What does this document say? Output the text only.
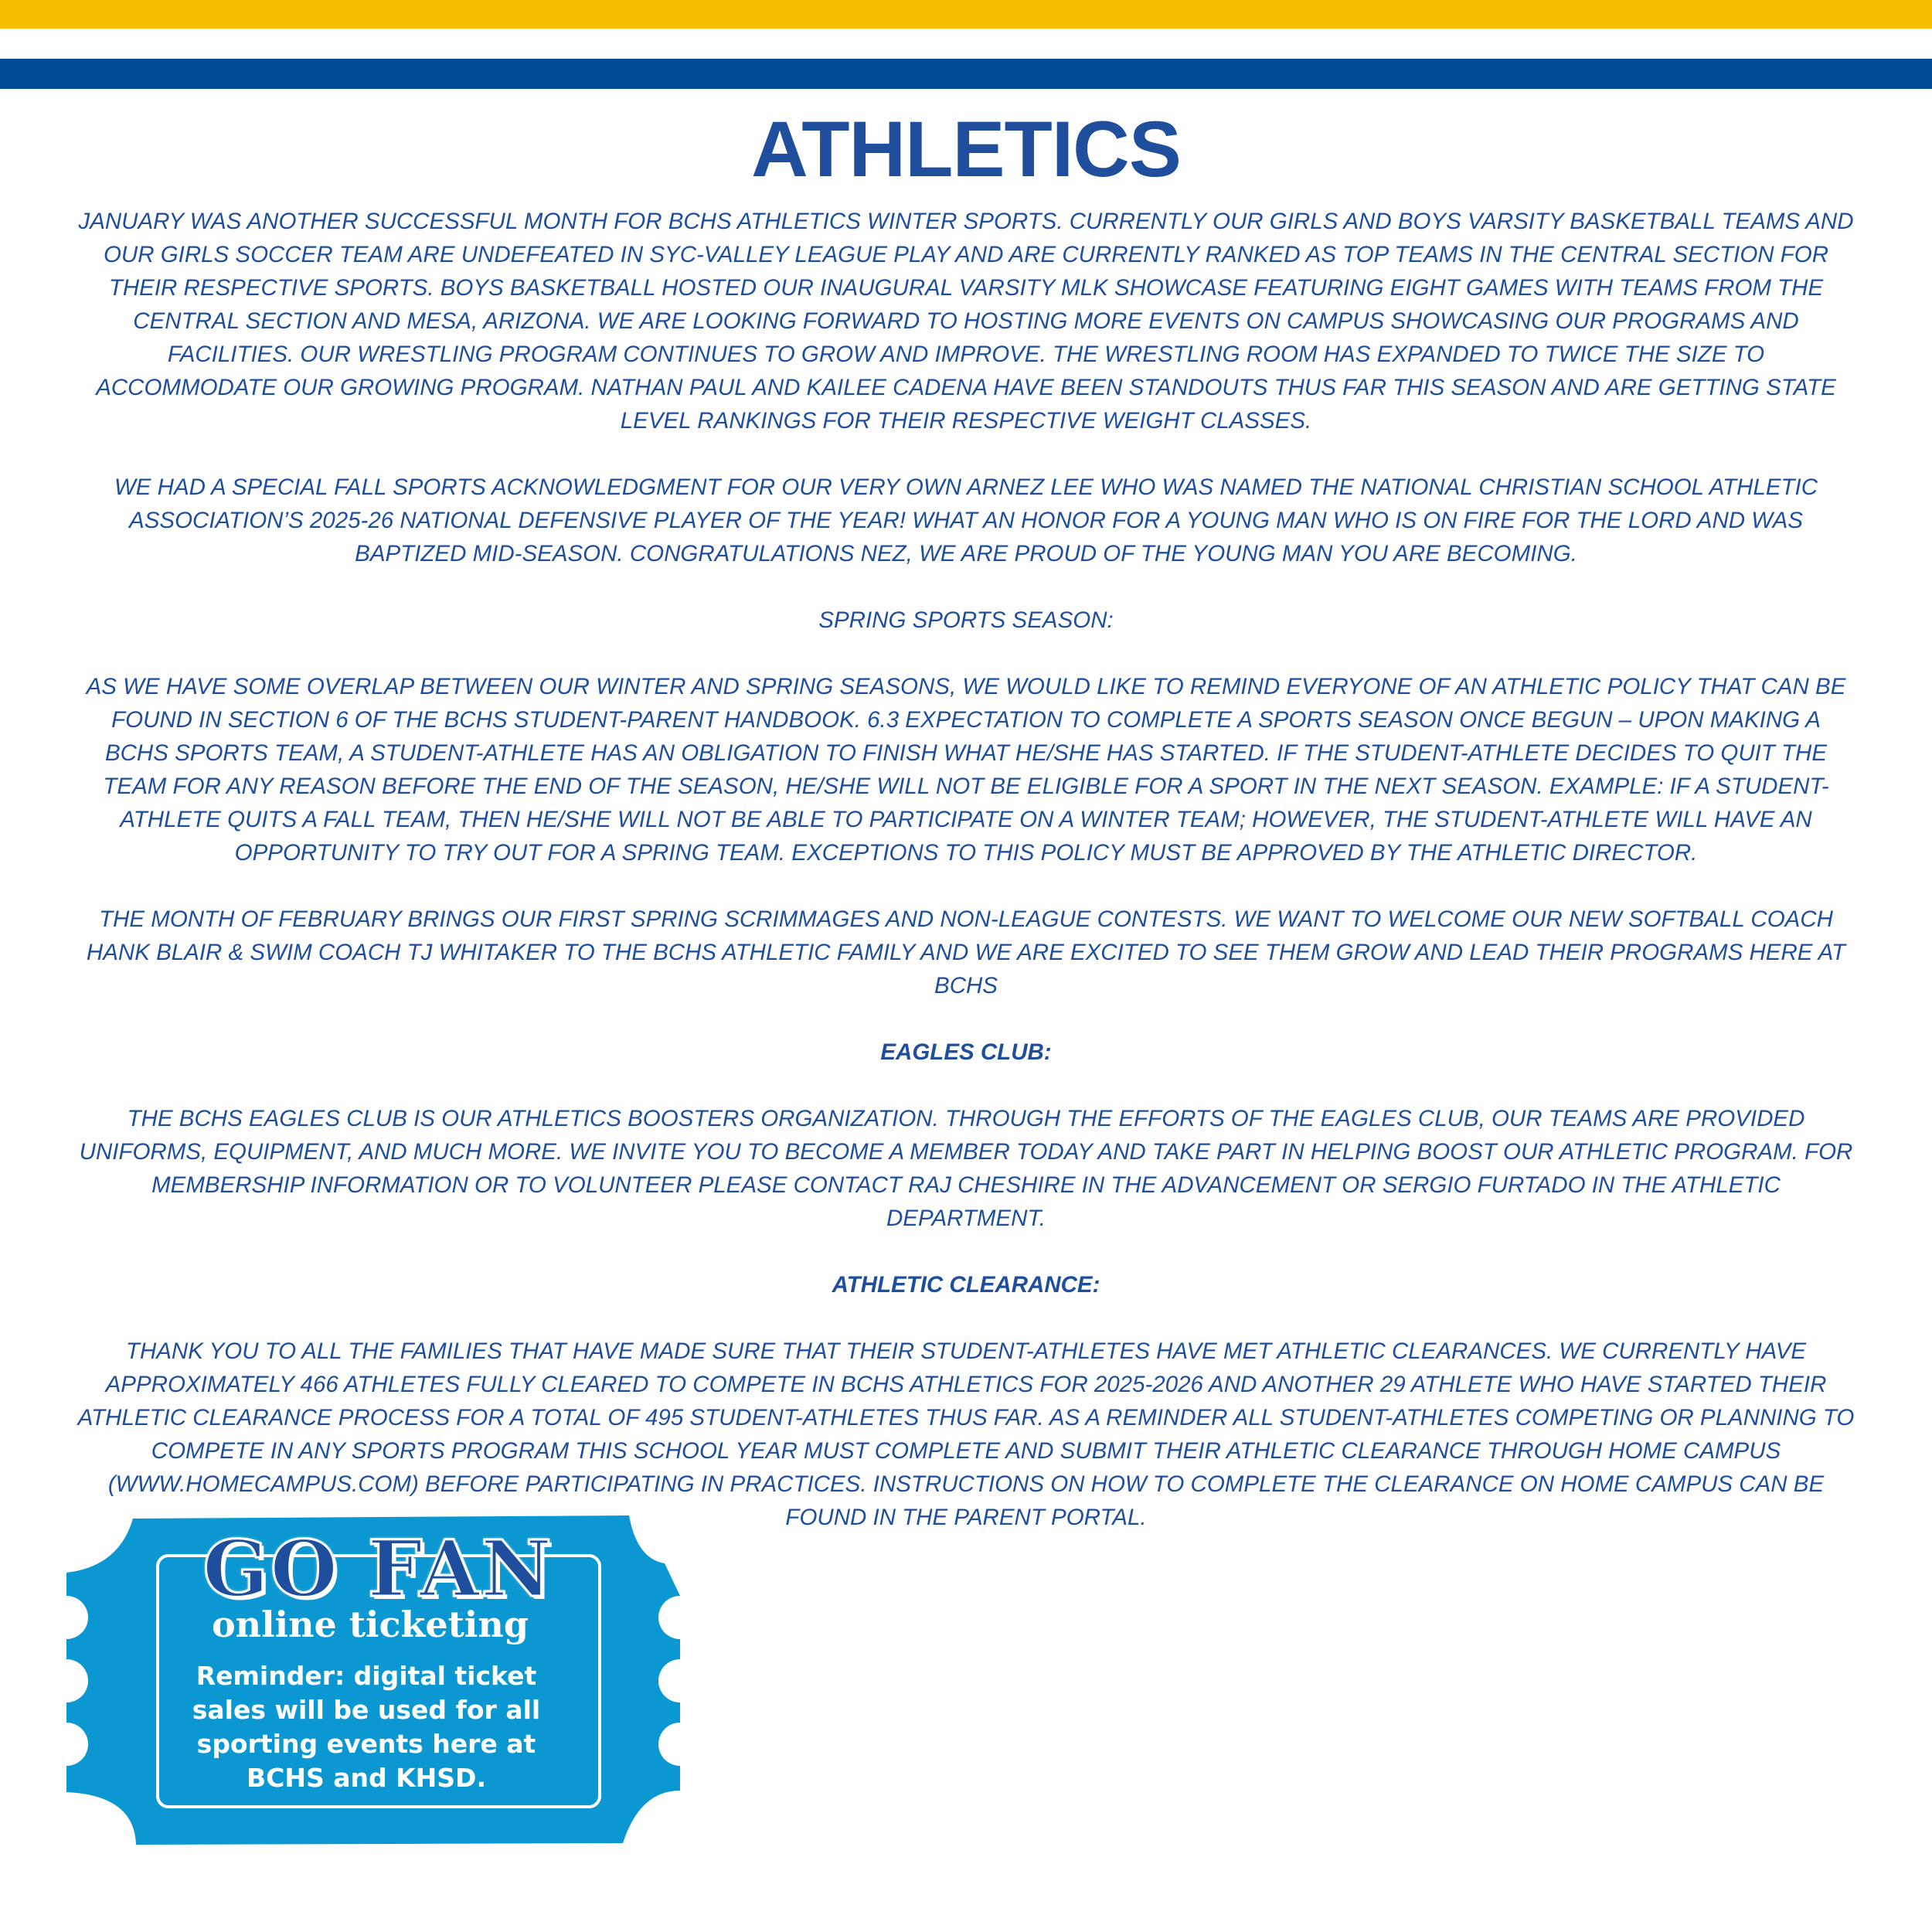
ATHLETICS

JANUARY WAS ANOTHER SUCCESSFUL MONTH FOR BCHS ATHLETICS WINTER SPORTS. CURRENTLY OUR GIRLS AND BOYS VARSITY BASKETBALL TEAMS AND OUR GIRLS SOCCER TEAM ARE UNDEFEATED IN SYC-VALLEY LEAGUE PLAY AND ARE CURRENTLY RANKED AS TOP TEAMS IN THE CENTRAL SECTION FOR THEIR RESPECTIVE SPORTS. BOYS BASKETBALL HOSTED OUR INAUGURAL VARSITY MLK SHOWCASE FEATURING EIGHT GAMES WITH TEAMS FROM THE CENTRAL SECTION AND MESA, ARIZONA. WE ARE LOOKING FORWARD TO HOSTING MORE EVENTS ON CAMPUS SHOWCASING OUR PROGRAMS AND FACILITIES. OUR WRESTLING PROGRAM CONTINUES TO GROW AND IMPROVE. THE WRESTLING ROOM HAS EXPANDED TO TWICE THE SIZE TO ACCOMMODATE OUR GROWING PROGRAM. NATHAN PAUL AND KAILEE CADENA HAVE BEEN STANDOUTS THUS FAR THIS SEASON AND ARE GETTING STATE LEVEL RANKINGS FOR THEIR RESPECTIVE WEIGHT CLASSES.

WE HAD A SPECIAL FALL SPORTS ACKNOWLEDGMENT FOR OUR VERY OWN ARNEZ LEE WHO WAS NAMED THE NATIONAL CHRISTIAN SCHOOL ATHLETIC ASSOCIATION’S 2025-26 NATIONAL DEFENSIVE PLAYER OF THE YEAR! WHAT AN HONOR FOR A YOUNG MAN WHO IS ON FIRE FOR THE LORD AND WAS BAPTIZED MID-SEASON. CONGRATULATIONS NEZ, WE ARE PROUD OF THE YOUNG MAN YOU ARE BECOMING.

SPRING SPORTS SEASON:

AS WE HAVE SOME OVERLAP BETWEEN OUR WINTER AND SPRING SEASONS, WE WOULD LIKE TO REMIND EVERYONE OF AN ATHLETIC POLICY THAT CAN BE FOUND IN SECTION 6 OF THE BCHS STUDENT-PARENT HANDBOOK. 6.3 EXPECTATION TO COMPLETE A SPORTS SEASON ONCE BEGUN – UPON MAKING A BCHS SPORTS TEAM, A STUDENT-ATHLETE HAS AN OBLIGATION TO FINISH WHAT HE/SHE HAS STARTED. IF THE STUDENT-ATHLETE DECIDES TO QUIT THE TEAM FOR ANY REASON BEFORE THE END OF THE SEASON, HE/SHE WILL NOT BE ELIGIBLE FOR A SPORT IN THE NEXT SEASON. EXAMPLE: IF A STUDENT-ATHLETE QUITS A FALL TEAM, THEN HE/SHE WILL NOT BE ABLE TO PARTICIPATE ON A WINTER TEAM; HOWEVER, THE STUDENT-ATHLETE WILL HAVE AN OPPORTUNITY TO TRY OUT FOR A SPRING TEAM. EXCEPTIONS TO THIS POLICY MUST BE APPROVED BY THE ATHLETIC DIRECTOR.

THE MONTH OF FEBRUARY BRINGS OUR FIRST SPRING SCRIMMAGES AND NON-LEAGUE CONTESTS. WE WANT TO WELCOME OUR NEW SOFTBALL COACH HANK BLAIR & SWIM COACH TJ WHITAKER TO THE BCHS ATHLETIC FAMILY AND WE ARE EXCITED TO SEE THEM GROW AND LEAD THEIR PROGRAMS HERE AT BCHS

EAGLES CLUB:

THE BCHS EAGLES CLUB IS OUR ATHLETICS BOOSTERS ORGANIZATION. THROUGH THE EFFORTS OF THE EAGLES CLUB, OUR TEAMS ARE PROVIDED UNIFORMS, EQUIPMENT, AND MUCH MORE. WE INVITE YOU TO BECOME A MEMBER TODAY AND TAKE PART IN HELPING BOOST OUR ATHLETIC PROGRAM. FOR MEMBERSHIP INFORMATION OR TO VOLUNTEER PLEASE CONTACT RAJ CHESHIRE IN THE ADVANCEMENT OR SERGIO FURTADO IN THE ATHLETIC DEPARTMENT.

ATHLETIC CLEARANCE:

THANK YOU TO ALL THE FAMILIES THAT HAVE MADE SURE THAT THEIR STUDENT-ATHLETES HAVE MET ATHLETIC CLEARANCES. WE CURRENTLY HAVE APPROXIMATELY 466 ATHLETES FULLY CLEARED TO COMPETE IN BCHS ATHLETICS FOR 2025-2026 AND ANOTHER 29 ATHLETE WHO HAVE STARTED THEIR ATHLETIC CLEARANCE PROCESS FOR A TOTAL OF 495 STUDENT-ATHLETES THUS FAR. AS A REMINDER ALL STUDENT-ATHLETES COMPETING OR PLANNING TO COMPETE IN ANY SPORTS PROGRAM THIS SCHOOL YEAR MUST COMPLETE AND SUBMIT THEIR ATHLETIC CLEARANCE THROUGH HOME CAMPUS (WWW.HOMECAMPUS.COM) BEFORE PARTICIPATING IN PRACTICES. INSTRUCTIONS ON HOW TO COMPLETE THE CLEARANCE ON HOME CAMPUS CAN BE FOUND IN THE PARENT PORTAL.

GO FAN
online ticketing
Reminder: digital ticket sales will be used for all sporting events here at BCHS and KHSD.
